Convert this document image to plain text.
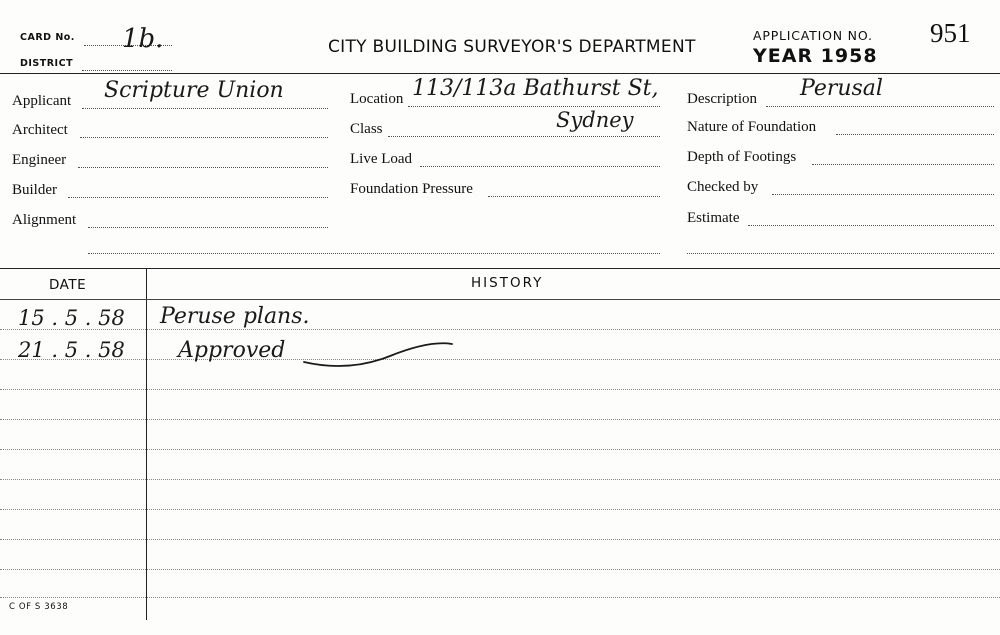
CARD No. 1b.
DISTRICT
CITY BUILDING SURVEYOR'S DEPARTMENT
APPLICATION NO. 951
YEAR 1958
Applicant Scripture Union
Architect
Engineer
Builder
Alignment
Location 113/113a Bathurst St,
Class	Sydney
Live Load
Foundation Pressure
Description Perusal
Nature of Foundation
Depth of Footings
Checked by
Estimate
DATE	HISTORY
15 . 5 . 58 Peruse plans.
21 . 5 . 58 Approved
C OF S 3638
